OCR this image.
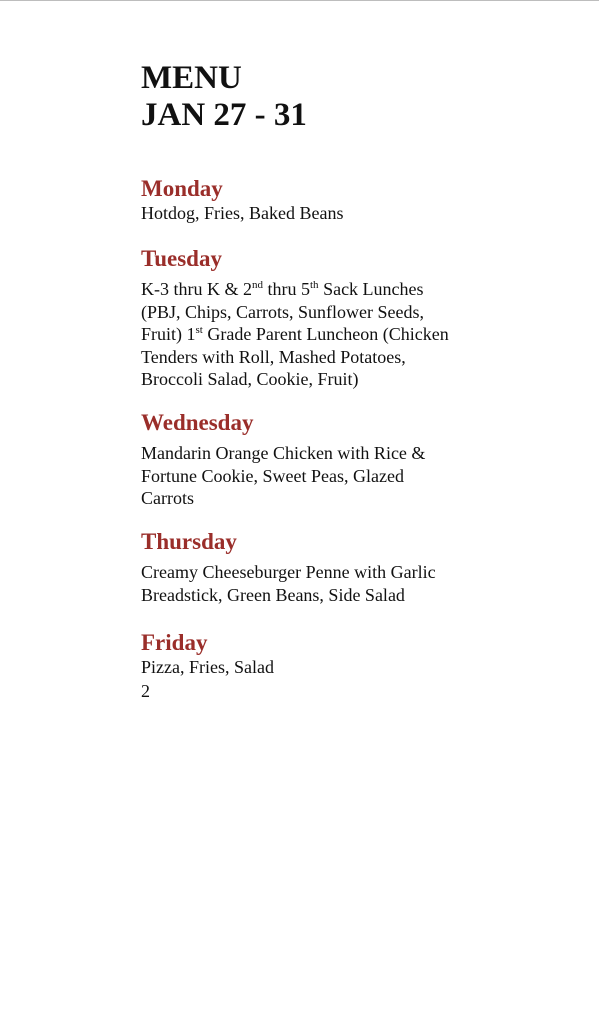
MENU
JAN 27 - 31
Monday

Hotdog, Fries, Baked Beans

Tuesday

K-3 thru K & 2nd thru 5th Sack Lunches (PBJ, Chips, Carrots, Sunflower Seeds, Fruit) 1st Grade Parent Luncheon (Chicken Tenders with Roll, Mashed Potatoes, Broccoli Salad, Cookie, Fruit)

Wednesday

Mandarin Orange Chicken with Rice & Fortune Cookie, Sweet Peas, Glazed Carrots

Thursday

Creamy Cheeseburger Penne with Garlic Breadstick, Green Beans, Side Salad

Friday

Pizza, Fries, Salad

2
